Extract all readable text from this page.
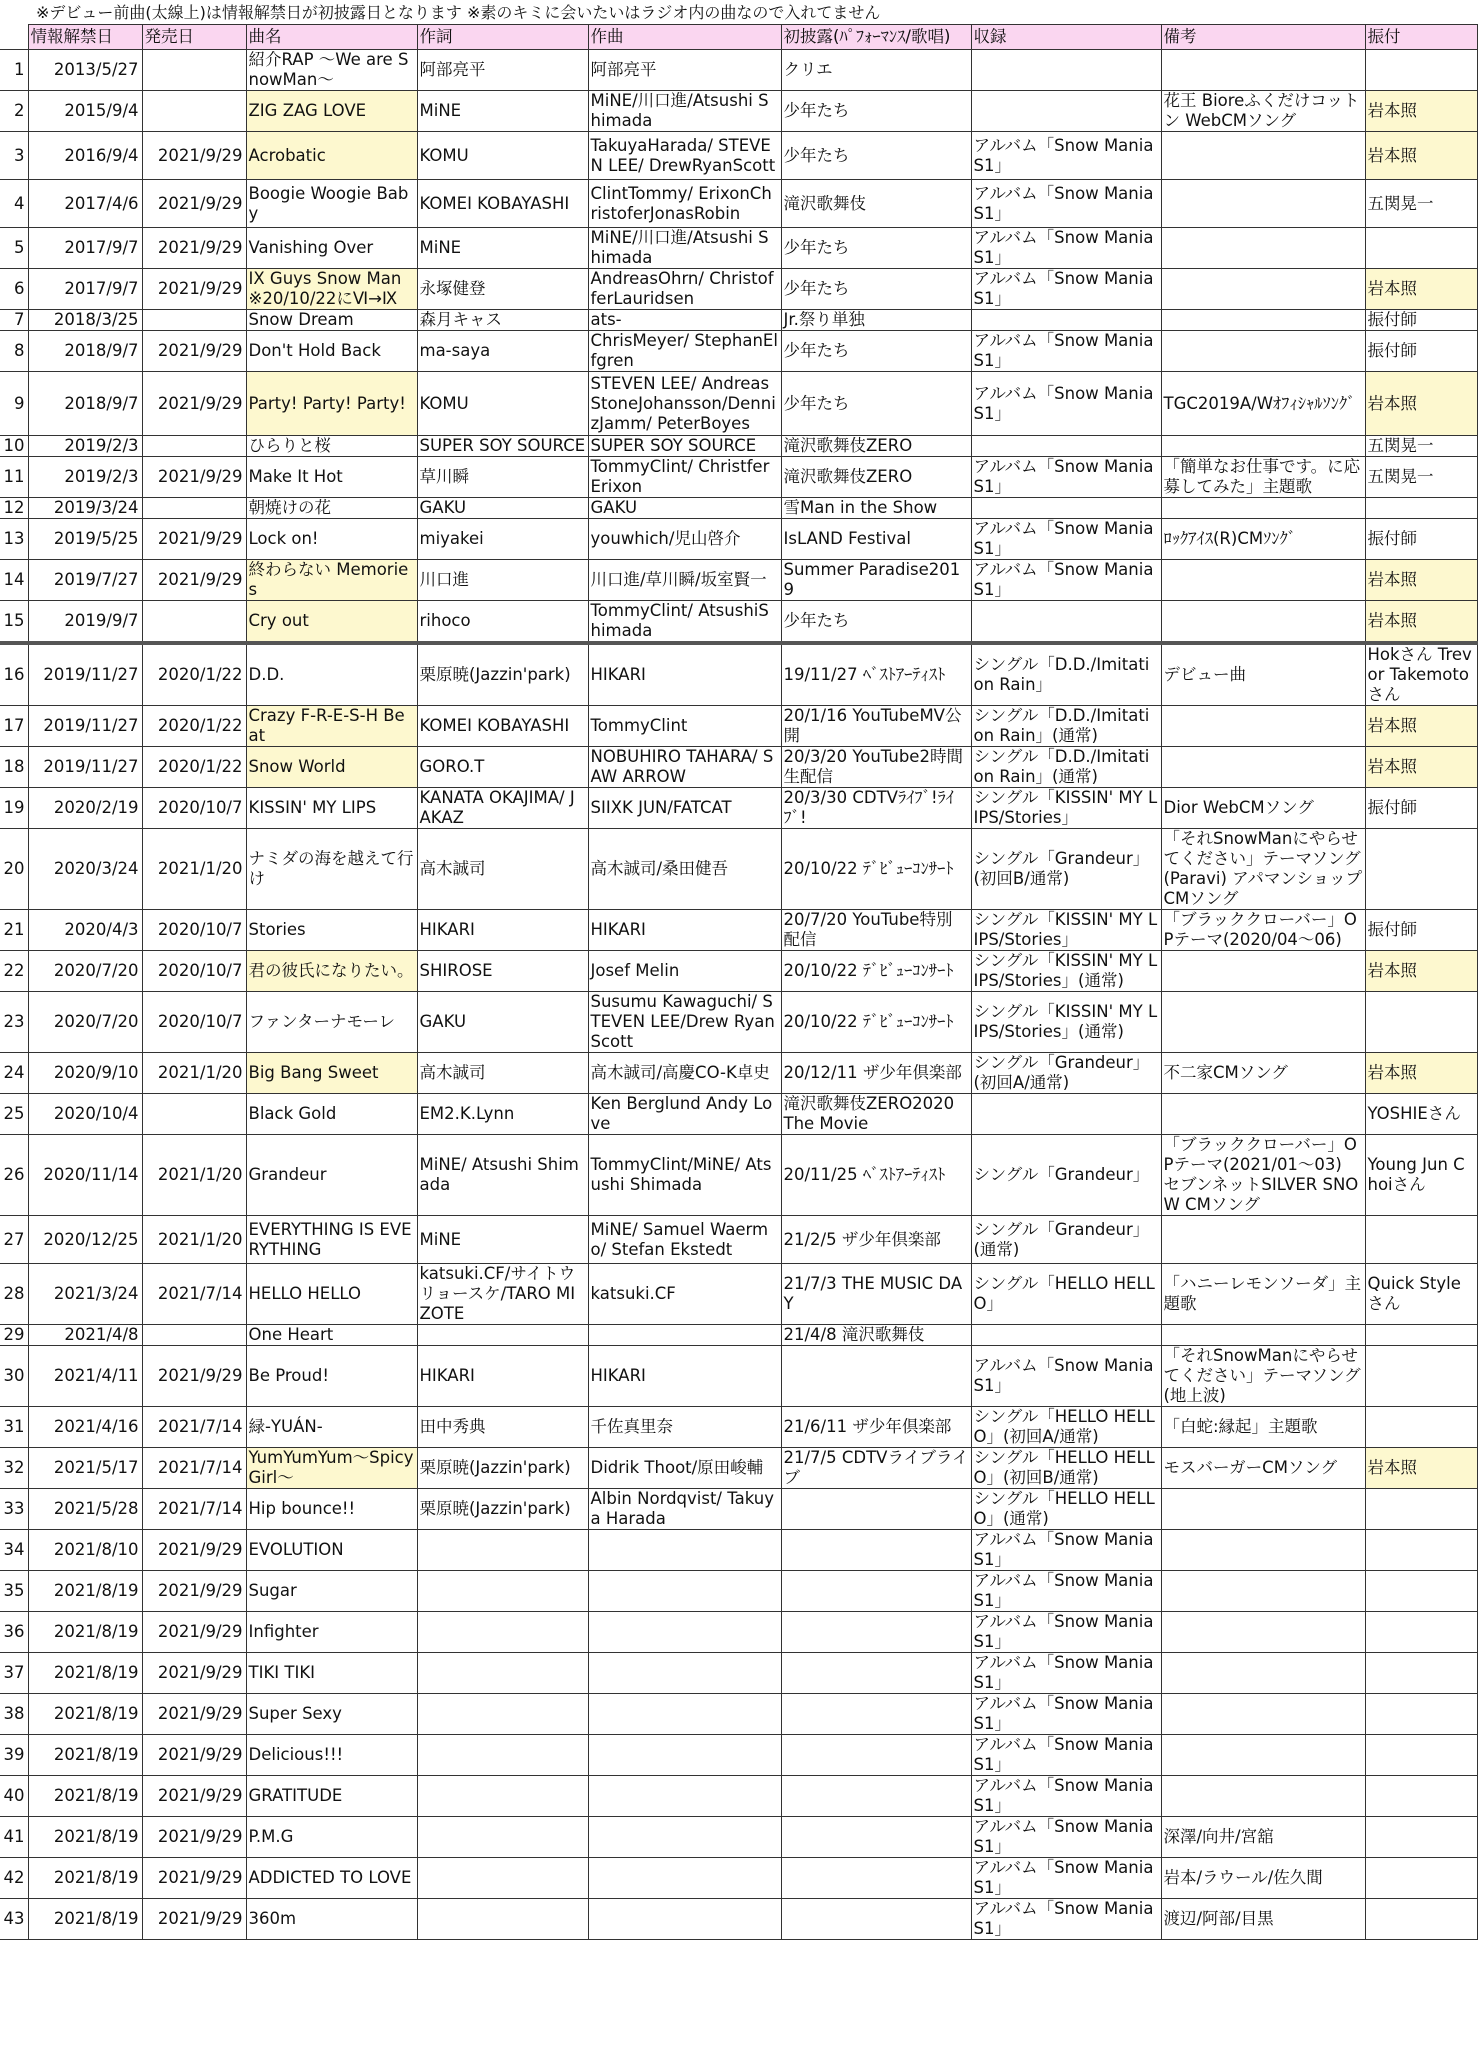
※デビュー前曲(太線上)は情報解禁日が初披露日となります ※素のキミに会いたいはラジオ内の曲なので入れてません
	情報解禁日	発売日	曲名	作詞	作曲	初披露(ﾊﾟﾌｫｰﾏﾝｽ/歌唱)	収録	備考	振付
1	2013/5/27		紹介RAP 〜We are SnowMan〜	阿部亮平	阿部亮平	クリエ			
2	2015/9/4		ZIG ZAG LOVE	MiNE	MiNE/川口進/Atsushi Shimada	少年たち		花王 Bioreふくだけコットン WebCMソング	岩本照
3	2016/9/4	2021/9/29	Acrobatic	KOMU	TakuyaHarada/ STEVEN LEE/ DrewRyanScott	少年たち	アルバム「Snow Mania S1」		岩本照
4	2017/4/6	2021/9/29	Boogie Woogie Baby	KOMEI KOBAYASHI	ClintTommy/ ErixonChristoferJonasRobin	滝沢歌舞伎	アルバム「Snow Mania S1」		五関晃一
5	2017/9/7	2021/9/29	Vanishing Over	MiNE	MiNE/川口進/Atsushi Shimada	少年たち	アルバム「Snow Mania S1」		
6	2017/9/7	2021/9/29	IX Guys Snow Man ※20/10/22にⅥ→Ⅸ	永塚健登	AndreasOhrn/ ChristofferLauridsen	少年たち	アルバム「Snow Mania S1」		岩本照
7	2018/3/25		Snow Dream	森月キャス	ats-	Jr.祭り単独			振付師
8	2018/9/7	2021/9/29	Don't Hold Back	ma-saya	ChrisMeyer/ StephanElfgren	少年たち	アルバム「Snow Mania S1」		振付師
9	2018/9/7	2021/9/29	Party! Party! Party!	KOMU	STEVEN LEE/ AndreasStoneJohansson/DennizJamm/ PeterBoyes	少年たち	アルバム「Snow Mania S1」	TGC2019A/Wｵﾌｨｼｬﾙｿﾝｸﾞ	岩本照
10	2019/2/3		ひらりと桜	SUPER SOY SOURCE	SUPER SOY SOURCE	滝沢歌舞伎ZERO			五関晃一
11	2019/2/3	2021/9/29	Make It Hot	草川瞬	TommyClint/ ChristferErixon	滝沢歌舞伎ZERO	アルバム「Snow Mania S1」	「簡単なお仕事です。に応募してみた」主題歌	五関晃一
12	2019/3/24		朝焼けの花	GAKU	GAKU	雪Man in the Show			
13	2019/5/25	2021/9/29	Lock on!	miyakei	youwhich/児山啓介	IsLAND Festival	アルバム「Snow Mania S1」	ﾛｯｸｱｲｽ(R)CMｿﾝｸﾞ	振付師
14	2019/7/27	2021/9/29	終わらない Memories	川口進	川口進/草川瞬/坂室賢一	Summer Paradise2019	アルバム「Snow Mania S1」		岩本照
15	2019/9/7		Cry out	rihoco	TommyClint/ AtsushiShimada	少年たち			岩本照
16	2019/11/27	2020/1/22	D.D.	栗原暁(Jazzin'park)	HIKARI	19/11/27 ﾍﾞｽﾄｱｰﾃｨｽﾄ	シングル「D.D./Imitation Rain」	デビュー曲	Hokさん Trevor Takemotoさん
17	2019/11/27	2020/1/22	Crazy F-R-E-S-H Beat	KOMEI KOBAYASHI	TommyClint	20/1/16 YouTubeMV公開	シングル「D.D./Imitation Rain」(通常)		岩本照
18	2019/11/27	2020/1/22	Snow World	GORO.T	NOBUHIRO TAHARA/ SAW ARROW	20/3/20 YouTube2時間生配信	シングル「D.D./Imitation Rain」(通常)		岩本照
19	2020/2/19	2020/10/7	KISSIN' MY LIPS	KANATA OKAJIMA/ JAKAZ	SIIXK JUN/FATCAT	20/3/30 CDTVﾗｲﾌﾞ!ﾗｲﾌﾞ!	シングル「KISSIN' MY LIPS/Stories」	Dior WebCMソング	振付師
20	2020/3/24	2021/1/20	ナミダの海を越えて行け	高木誠司	高木誠司/桑田健吾	20/10/22 ﾃﾞﾋﾞｭｰｺﾝｻｰﾄ	シングル「Grandeur」(初回B/通常)	「それSnowManにやらせてください」テーマソング(Paravi) アパマンショップCMソング	
21	2020/4/3	2020/10/7	Stories	HIKARI	HIKARI	20/7/20 YouTube特別配信	シングル「KISSIN' MY LIPS/Stories」	「ブラッククローバー」OPテーマ(2020/04〜06)	振付師
22	2020/7/20	2020/10/7	君の彼氏になりたい。	SHIROSE	Josef Melin	20/10/22 ﾃﾞﾋﾞｭｰｺﾝｻｰﾄ	シングル「KISSIN' MY LIPS/Stories」(通常)		岩本照
23	2020/7/20	2020/10/7	ファンターナモーレ	GAKU	Susumu Kawaguchi/ STEVEN LEE/Drew Ryan Scott	20/10/22 ﾃﾞﾋﾞｭｰｺﾝｻｰﾄ	シングル「KISSIN' MY LIPS/Stories」(通常)		
24	2020/9/10	2021/1/20	Big Bang Sweet	高木誠司	高木誠司/高慶CO-K卓史	20/12/11 ザ少年倶楽部	シングル「Grandeur」(初回A/通常)	不二家CMソング	岩本照
25	2020/10/4		Black Gold	EM2.K.Lynn	Ken Berglund Andy Love	滝沢歌舞伎ZERO2020 The Movie			YOSHIEさん
26	2020/11/14	2021/1/20	Grandeur	MiNE/ Atsushi Shimada	TommyClint/MiNE/ Atsushi Shimada	20/11/25 ﾍﾞｽﾄｱｰﾃｨｽﾄ	シングル「Grandeur」	「ブラッククローバー」OPテーマ(2021/01〜03) セブンネットSILVER SNOW CMソング	Young Jun Choiさん
27	2020/12/25	2021/1/20	EVERYTHING IS EVERYTHING	MiNE	MiNE/ Samuel Waermo/ Stefan Ekstedt	21/2/5 ザ少年倶楽部	シングル「Grandeur」(通常)		
28	2021/3/24	2021/7/14	HELLO HELLO	katsuki.CF/サイトウリョースケ/TARO MIZOTE	katsuki.CF	21/7/3 THE MUSIC DAY	シングル「HELLO HELLO」	「ハニーレモンソーダ」主題歌	Quick Styleさん
29	2021/4/8		One Heart			21/4/8 滝沢歌舞伎			
30	2021/4/11	2021/9/29	Be Proud!	HIKARI	HIKARI		アルバム「Snow Mania S1」	「それSnowManにやらせてください」テーマソング(地上波)	
31	2021/4/16	2021/7/14	緑-YUÁN-	田中秀典	千佐真里奈	21/6/11 ザ少年倶楽部	シングル「HELLO HELLO」(初回A/通常)	「白蛇:縁起」主題歌	
32	2021/5/17	2021/7/14	YumYumYum〜SpicyGirl〜	栗原暁(Jazzin'park)	Didrik Thoot/原田峻輔	21/7/5 CDTVライブライブ	シングル「HELLO HELLO」(初回B/通常)	モスバーガーCMソング	岩本照
33	2021/5/28	2021/7/14	Hip bounce!!	栗原暁(Jazzin'park)	Albin Nordqvist/ Takuya Harada		シングル「HELLO HELLO」(通常)		
34	2021/8/10	2021/9/29	EVOLUTION				アルバム「Snow Mania S1」		
35	2021/8/19	2021/9/29	Sugar				アルバム「Snow Mania S1」		
36	2021/8/19	2021/9/29	Infighter				アルバム「Snow Mania S1」		
37	2021/8/19	2021/9/29	TIKI TIKI				アルバム「Snow Mania S1」		
38	2021/8/19	2021/9/29	Super Sexy				アルバム「Snow Mania S1」		
39	2021/8/19	2021/9/29	Delicious!!!				アルバム「Snow Mania S1」		
40	2021/8/19	2021/9/29	GRATITUDE				アルバム「Snow Mania S1」		
41	2021/8/19	2021/9/29	P.M.G				アルバム「Snow Mania S1」	深澤/向井/宮舘	
42	2021/8/19	2021/9/29	ADDICTED TO LOVE				アルバム「Snow Mania S1」	岩本/ラウール/佐久間	
43	2021/8/19	2021/9/29	360m				アルバム「Snow Mania S1」	渡辺/阿部/目黒	
